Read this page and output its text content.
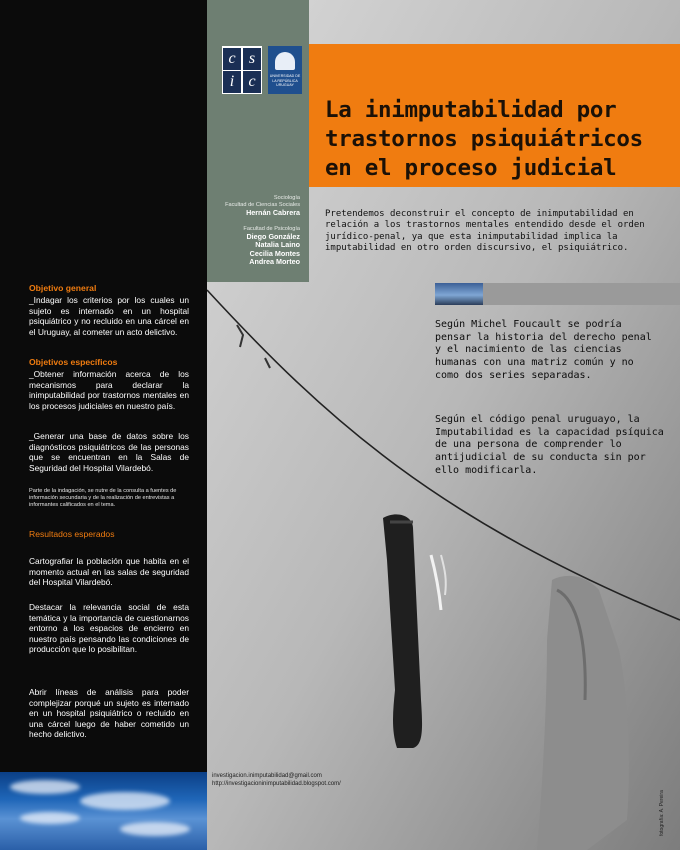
c s
i c	UNIVERSIDAD DE LA REPÚBLICA URUGUAY
La inimputabilidad por
trastornos psiquiátricos
en el proceso judicial
Sociología
Facultad de Ciencias Sociales
Hernán Cabrera
Facultad de Psicología
Diego González
Natalia Laino
Cecilia Montes
Andrea Morteo
Pretendemos deconstruir el concepto de inimputabilidad en relación a los trastornos mentales entendido desde el orden jurídico-penal, ya que esta inimputabilidad implica la imputabilidad en otro orden discursivo, el psiquiátrico.
Según Michel Foucault se podría pensar la historia del derecho penal y el nacimiento de las ciencias humanas con una matriz común y no como dos series separadas.
Según el código penal uruguayo, la Imputabilidad es la capacidad psíquica de una persona de comprender lo antijudicial de su conducta sin por ello modificarla.
Objetivo general
_Indagar los criterios por los cuales un sujeto es internado en un hospital psiquiátrico y no recluido en una cárcel en el Uruguay, al cometer un acto delictivo.
Objetivos específicos
_Obtener información acerca de los mecanismos para declarar la inimputabilidad por trastornos mentales en los procesos judiciales en nuestro país.
_Generar una base de datos sobre los diagnósticos psiquiátricos de las personas que se encuentran en la Salas de Seguridad del Hospital Vilardebó.
Parte de la indagación, se nutre de la consulta a fuentes de información secundaria y de la realización de entrevistas a informantes calificados en el tema.
Resultados esperados
Cartografiar la población que habita en el momento actual en las salas de seguridad del Hospital Vilardebó.
Destacar la relevancia social de esta temática y la importancia de cuestionarnos entorno a los espacios de encierro en nuestro país pensando las condiciones de producción que lo posibilitan.
Abrir líneas de análisis para poder complejizar porqué un sujeto es internado en un hospital psiquiátrico o recluido en una cárcel luego de haber cometido un hecho delictivo.
investigacion.inimputabilidad@gmail.com
http://investigacioninimputabilidad.blogspot.com/
fotografía: A. Pereira
